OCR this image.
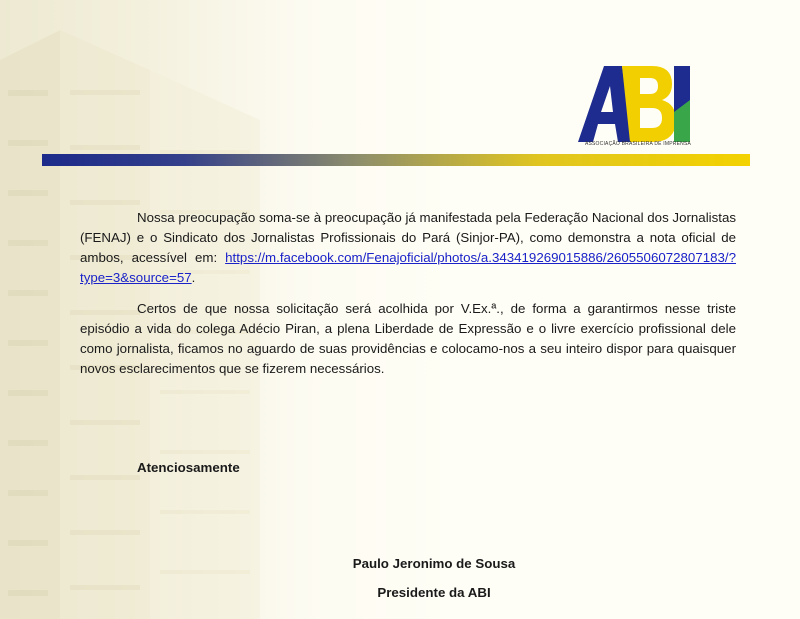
ASSOCIAÇÃO BRASILEIRA DE IMPRENSA

Nossa preocupação soma-se à preocupação já manifestada pela Federação Nacional dos Jornalistas (FENAJ) e o Sindicato dos Jornalistas Profissionais do Pará (Sinjor-PA), como demonstra a nota oficial de ambos, acessível em: https://m.facebook.com/Fenajoficial/photos/a.343419269015886/2605506072807183/?type=3&source=57.

Certos de que nossa solicitação será acolhida por V.Ex.ª., de forma a garantirmos nesse triste episódio a vida do colega Adécio Piran, a plena Liberdade de Expressão e o livre exercício profissional dele como jornalista, ficamos no aguardo de suas providências e colocamo-nos a seu inteiro dispor para quaisquer novos esclarecimentos que se fizerem necessários.

Atenciosamente
Paulo Jeronimo de Sousa
Presidente da ABI
